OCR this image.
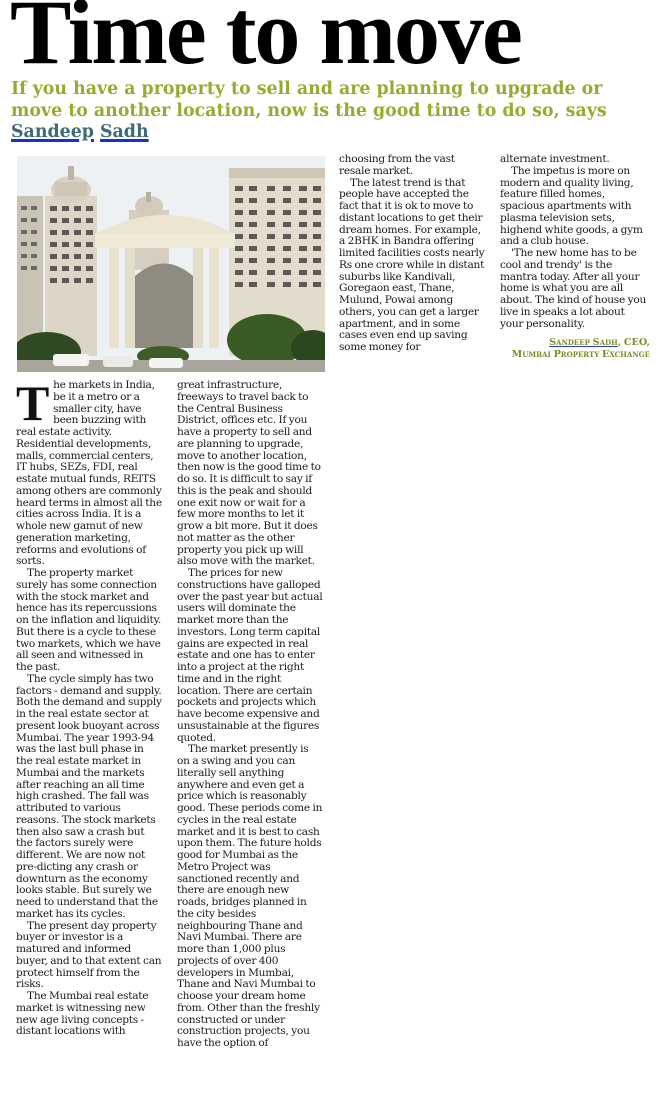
Time to move
If you have a property to sell and are planning to upgrade or move to another location, now is the good time to do so, says Sandeep Sadh

The markets in India, be it a metro or a smaller city, have been buzzing with real estate activity. Residential developments, malls, commercial centers, IT hubs, SEZs, FDI, real estate mutual funds, REITS among others are commonly heard terms in almost all the cities across India. It is a whole new gamut of new generation marketing, reforms and evolutions of sorts.

The property market surely has some connection with the stock market and hence has its repercussions on the inflation and liquidity. But there is a cycle to these two markets, which we have all seen and witnessed in the past.

The cycle simply has two factors - demand and supply. Both the demand and supply in the real estate sector at present look buoyant across Mumbai. The year 1993-94 was the last bull phase in the real estate market in Mumbai and the markets after reaching an all time high crashed. The fall was attributed to various reasons. The stock markets then also saw a crash but the factors surely were different. We are now not pre-dicting any crash or downturn as the economy looks stable. But surely we need to understand that the market has its cycles.

The present day property buyer or investor is a matured and informed buyer, and to that extent can protect himself from the risks.

The Mumbai real estate market is witnessing new new age living concepts - distant locations with

great infrastructure, freeways to travel back to the Central Business District, offices etc. If you have a property to sell and are planning to upgrade, move to another location, then now is the good time to do so. It is difficult to say if this is the peak and should one exit now or wait for a few more months to let it grow a bit more. But it does not matter as the other property you pick up will also move with the market.

The prices for new constructions have galloped over the past year but actual users will dominate the market more than the investors. Long term capital gains are expected in real estate and one has to enter into a project at the right time and in the right location. There are certain pockets and projects which have become expensive and unsustainable at the figures quoted.

The market presently is on a swing and you can literally sell anything anywhere and even get a price which is reasonably good. These periods come in cycles in the real estate market and it is best to cash upon them. The future holds good for Mumbai as the Metro Project was sanctioned recently and there are enough new roads, bridges planned in the city besides neighbouring Thane and Navi Mumbai. There are more than 1,000 plus projects of over 400 developers in Mumbai, Thane and Navi Mumbai to choose your dream home from. Other than the freshly constructed or under construction projects, you have the option of

choosing from the vast resale market.

The latest trend is that people have accepted the fact that it is ok to move to distant locations to get their dream homes. For example, a 2BHK in Bandra offering limited facilities costs nearly Rs one crore while in distant suburbs like Kandivali, Goregaon east, Thane, Mulund, Powai among others, you can get a larger apartment, and in some cases even end up saving some money for

alternate investment.

The impetus is more on modern and quality living, feature filled homes, spacious apartments with plasma television sets, highend white goods, a gym and a club house.

'The new home has to be cool and trendy' is the mantra today. After all your home is what you are all about. The kind of house you live in speaks a lot about your personality.

Sandeep Sadh, CEO,
Mumbai Property Exchange
